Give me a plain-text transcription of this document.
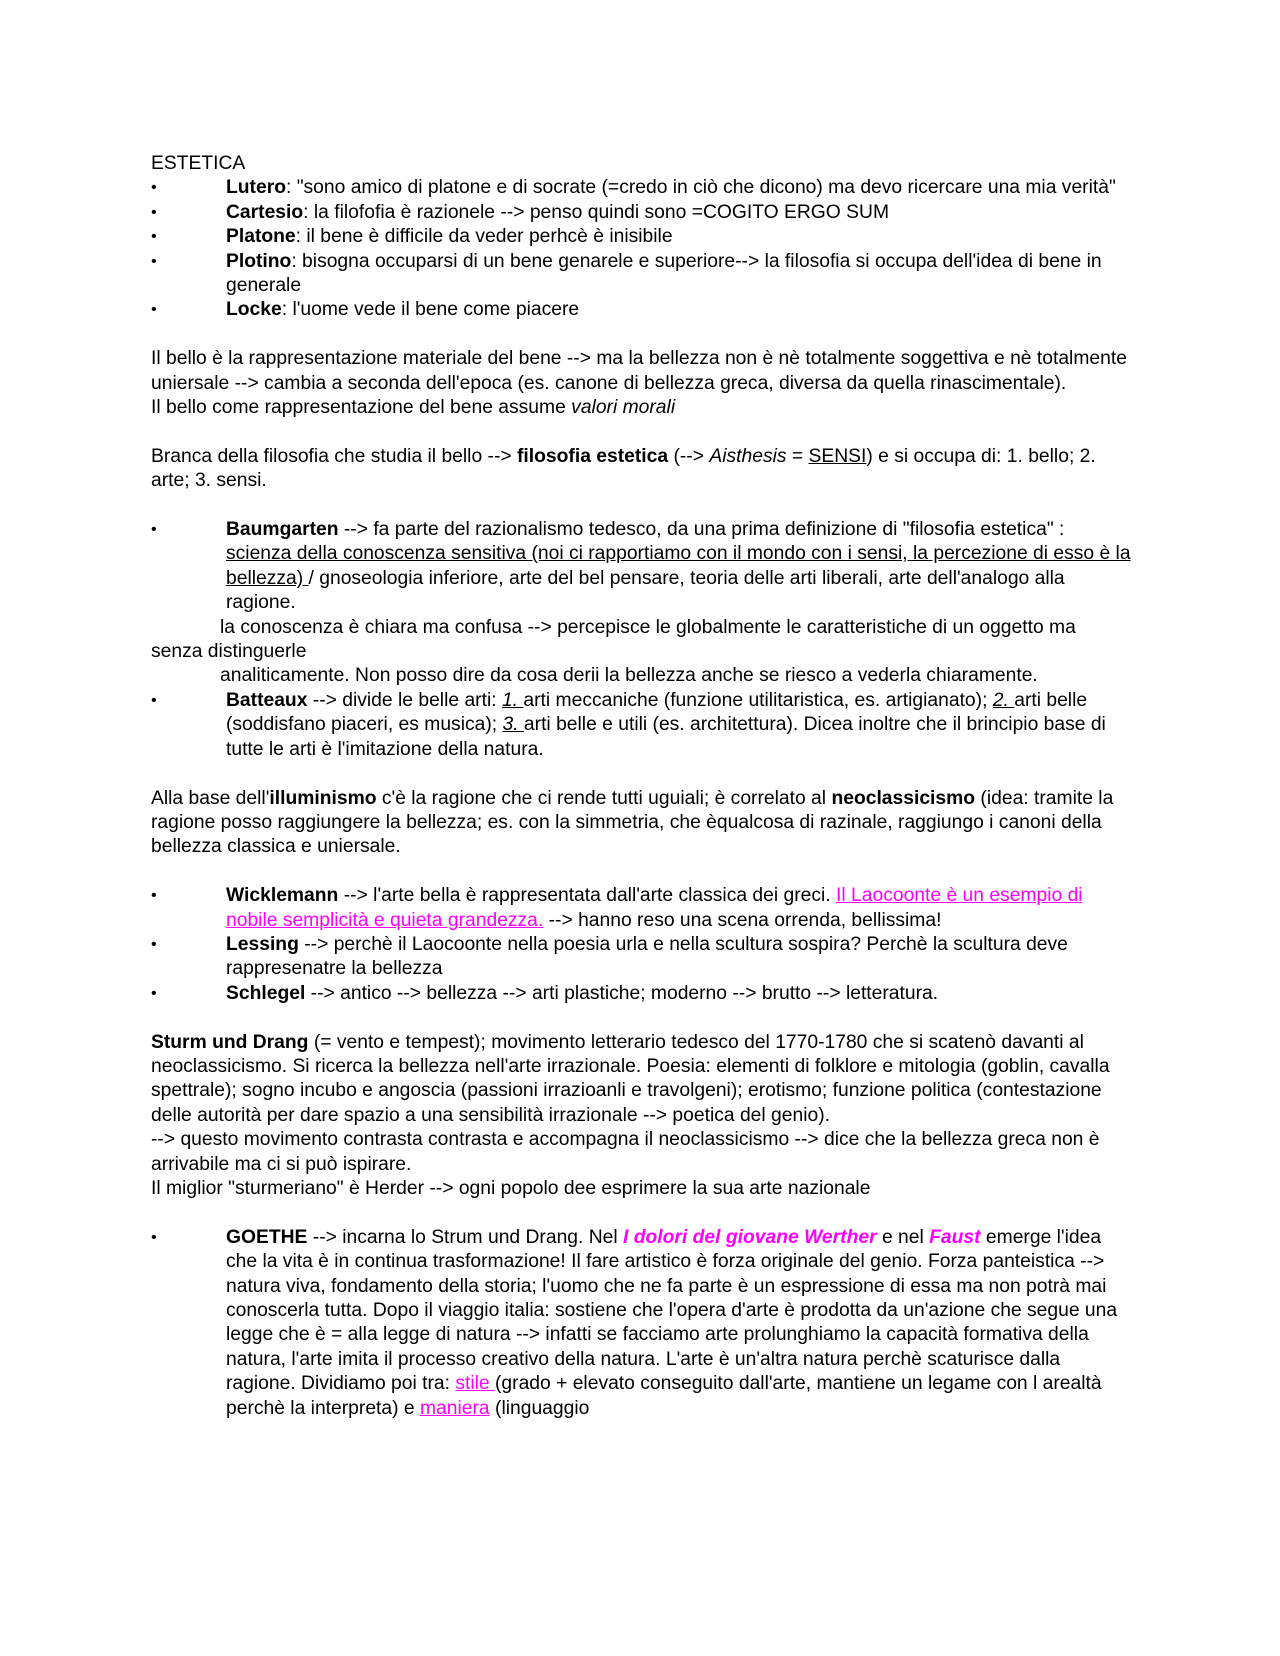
ESTETICA

•	Lutero: "sono amico di platone e di socrate (=credo in ciò che dicono) ma devo ricercare una mia verità"

•	Cartesio: la filofofia è razionele --> penso quindi sono =COGITO ERGO SUM

•	Platone: il bene è difficile da veder perhcè è inisibile

•	Plotino: bisogna occuparsi di un bene genarele e superiore--> la filosofia si occupa dell'idea di bene in generale

•	Locke: l'uome vede il bene come piacere

Il bello è la rappresentazione materiale del bene --> ma la bellezza non è nè totalmente soggettiva e nè totalmente uniersale --> cambia a seconda dell'epoca (es. canone di bellezza greca, diversa da quella rinascimentale).

Il bello come rappresentazione del bene assume valori morali

Branca della filosofia che studia il bello --> filosofia estetica (--> Aisthesis = SENSI) e si occupa di: 1. bello; 2. arte; 3. sensi.

•	Baumgarten --> fa parte del razionalismo tedesco, da una prima definizione di "filosofia estetica" : scienza della conoscenza sensitiva (noi ci rapportiamo con il mondo con i sensi, la percezione di esso è la bellezza) / gnoseologia inferiore, arte del bel pensare, teoria delle arti liberali, arte dell'analogo alla ragione.

la conoscenza è chiara ma confusa --> percepisce le globalmente le caratteristiche di un oggetto ma senza distinguerle

analiticamente. Non posso dire da cosa derii la bellezza anche se riesco a vederla chiaramente.

•	Batteaux --> divide le belle arti: 1. arti meccaniche (funzione utilitaristica, es. artigianato); 2. arti belle (soddisfano piaceri, es musica); 3. arti belle e utili (es. architettura). Dicea inoltre che il brincipio base di tutte le arti è l'imitazione della natura.

Alla base dell'illuminismo c'è la ragione che ci rende tutti uguiali; è correlato al neoclassicismo (idea: tramite la ragione posso raggiungere la bellezza; es. con la simmetria, che èqualcosa di razinale, raggiungo i canoni della bellezza classica e uniersale.

•	Wicklemann --> l'arte bella è rappresentata dall'arte classica dei greci. Il Laocoonte è un esempio di nobile semplicità e quieta grandezza. --> hanno reso una scena orrenda, bellissima!

•	Lessing --> perchè il Laocoonte nella poesia urla e nella scultura sospira? Perchè la scultura deve rappresenatre la bellezza

•	Schlegel --> antico --> bellezza --> arti plastiche; moderno --> brutto --> letteratura.

Sturm und Drang (= vento e tempest); movimento letterario tedesco del 1770-1780 che si scatenò davanti al neoclassicismo. Si ricerca la bellezza nell'arte irrazionale. Poesia: elementi di folklore e mitologia (goblin, cavalla spettrale); sogno incubo e angoscia (passioni irrazioanli e travolgeni); erotismo; funzione politica (contestazione delle autorità per dare spazio a una sensibilità irrazionale --> poetica del genio).

--> questo movimento contrasta contrasta e accompagna il neoclassicismo --> dice che la bellezza greca non è arrivabile ma ci si può ispirare.

Il miglior "sturmeriano" è Herder --> ogni popolo dee esprimere la sua arte nazionale

•	GOETHE --> incarna lo Strum und Drang. Nel I dolori del giovane Werther e nel Faust emerge l'idea che la vita è in continua trasformazione! Il fare artistico è forza originale del genio. Forza panteistica --> natura viva, fondamento della storia; l'uomo che ne fa parte è un espressione di essa ma non potrà mai conoscerla tutta. Dopo il viaggio italia: sostiene che l'opera d'arte è prodotta da un'azione che segue una legge che è = alla legge di natura --> infatti se facciamo arte prolunghiamo la capacità formativa della natura, l'arte imita il processo creativo della natura. L'arte è un'altra natura perchè scaturisce dalla ragione. Dividiamo poi tra: stile (grado + elevato conseguito dall'arte, mantiene un legame con l arealtà perchè la interpreta) e maniera (linguaggio
